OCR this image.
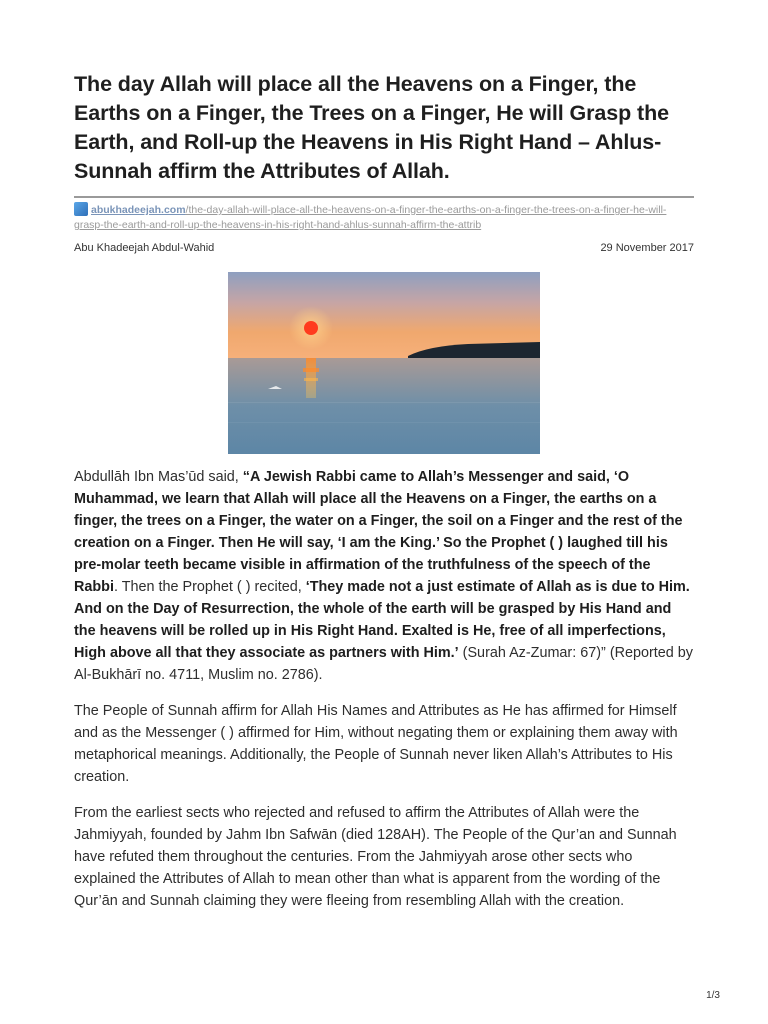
The day Allah will place all the Heavens on a Finger, the Earths on a Finger, the Trees on a Finger, He will Grasp the Earth, and Roll-up the Heavens in His Right Hand – Ahlus-Sunnah affirm the Attributes of Allah.
abukhadeejah.com/the-day-allah-will-place-all-the-heavens-on-a-finger-the-earths-on-a-finger-the-trees-on-a-finger-he-will-grasp-the-earth-and-roll-up-the-heavens-in-his-right-hand-ahlus-sunnah-affirm-the-attrib
Abu Khadeejah Abdul-Wahid	29 November 2017

Abdullāh Ibn Mas’ūd said, “A Jewish Rabbi came to Allah’s Messenger and said, ‘O Muhammad, we learn that Allah will place all the Heavens on a Finger, the earths on a finger, the trees on a Finger, the water on a Finger, the soil on a Finger and the rest of the creation on a Finger. Then He will say, ‘I am the King.’ So the Prophet ( ) laughed till his pre-molar teeth became visible in affirmation of the truthfulness of the speech of the Rabbi. Then the Prophet ( ) recited, ‘They made not a just estimate of Allah as is due to Him. And on the Day of Resurrection, the whole of the earth will be grasped by His Hand and the heavens will be rolled up in His Right Hand. Exalted is He, free of all imperfections, High above all that they associate as partners with Him.’ (Surah Az-Zumar: 67)” (Reported by Al-Bukhārī no. 4711, Muslim no. 2786).

The People of Sunnah affirm for Allah His Names and Attributes as He has affirmed for Himself and as the Messenger ( ) affirmed for Him, without negating them or explaining them away with metaphorical meanings. Additionally, the People of Sunnah never liken Allah’s Attributes to His creation.

From the earliest sects who rejected and refused to affirm the Attributes of Allah were the Jahmiyyah, founded by Jahm Ibn Safwān (died 128AH). The People of the Qur’an and Sunnah have refuted them throughout the centuries. From the Jahmiyyah arose other sects who explained the Attributes of Allah to mean other than what is apparent from the wording of the Qur’ān and Sunnah claiming they were fleeing from resembling Allah with the creation.

1/3
